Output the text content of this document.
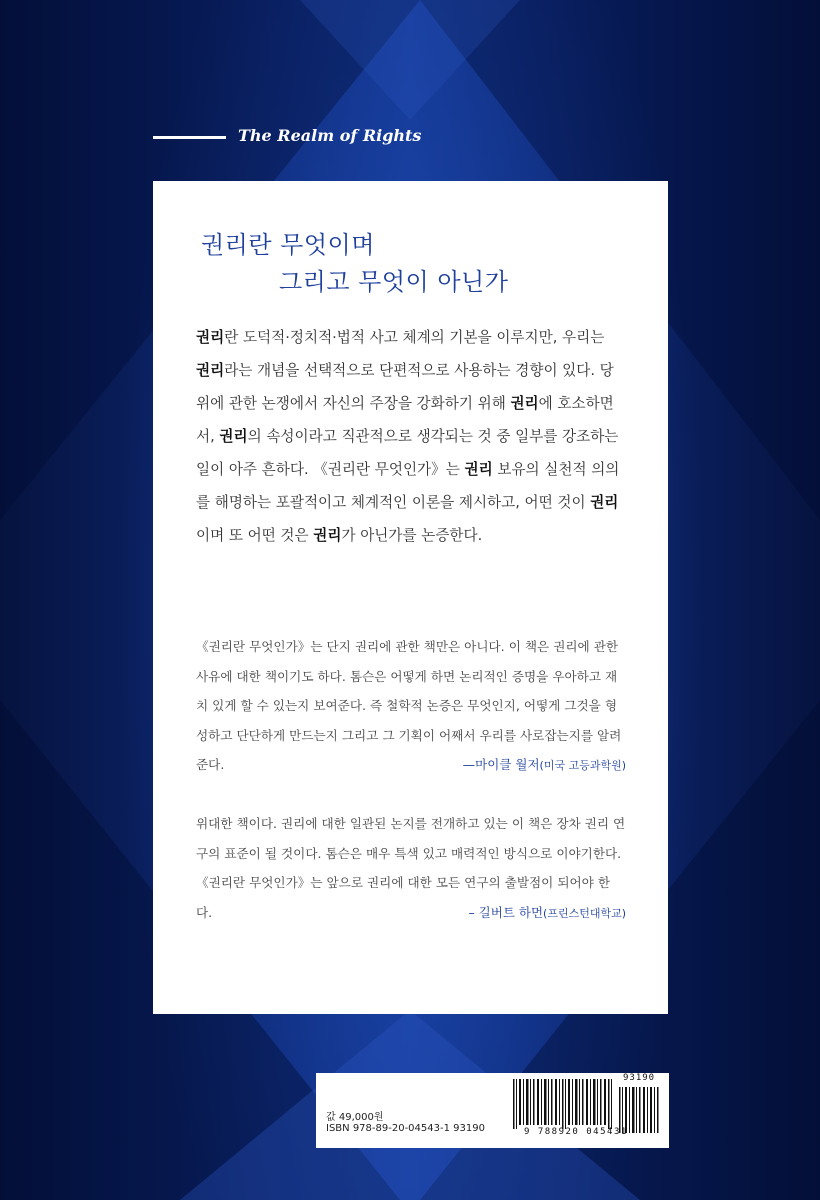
The Realm of Rights
권리란 무엇이며
그리고 무엇이 아닌가

권리란 도덕적·정치적·법적 사고 체계의 기본을 이루지만, 우리는 권리라는 개념을 선택적으로 단편적으로 사용하는 경향이 있다. 당위에 관한 논쟁에서 자신의 주장을 강화하기 위해 권리에 호소하면서, 권리의 속성이라고 직관적으로 생각되는 것 중 일부를 강조하는 일이 아주 흔하다. 《권리란 무엇인가》는 권리 보유의 실천적 의의를 해명하는 포괄적이고 체계적인 이론을 제시하고, 어떤 것이 권리이며 또 어떤 것은 권리가 아닌가를 논증한다.

《권리란 무엇인가》는 단지 권리에 관한 책만은 아니다. 이 책은 권리에 관한 사유에 대한 책이기도 하다. 톰슨은 어떻게 하면 논리적인 증명을 우아하고 재치 있게 할 수 있는지 보여준다. 즉 철학적 논증은 무엇인지, 어떻게 그것을 형성하고 단단하게 만드는지 그리고 그 기획이 어째서 우리를 사로잡는지를 알려 준다.	—마이클 월저(미국 고등과학원)

위대한 책이다. 권리에 대한 일관된 논지를 전개하고 있는 이 책은 장차 권리 연구의 표준이 될 것이다. 톰슨은 매우 특색 있고 매력적인 방식으로 이야기한다. 《권리란 무엇인가》는 앞으로 권리에 대한 모든 연구의 출발점이 되어야 한다.	– 길버트 하먼(프린스턴대학교)

값 49,000원
ISBN 978-89-20-04543-1 93190
93190
9 788920 045431
